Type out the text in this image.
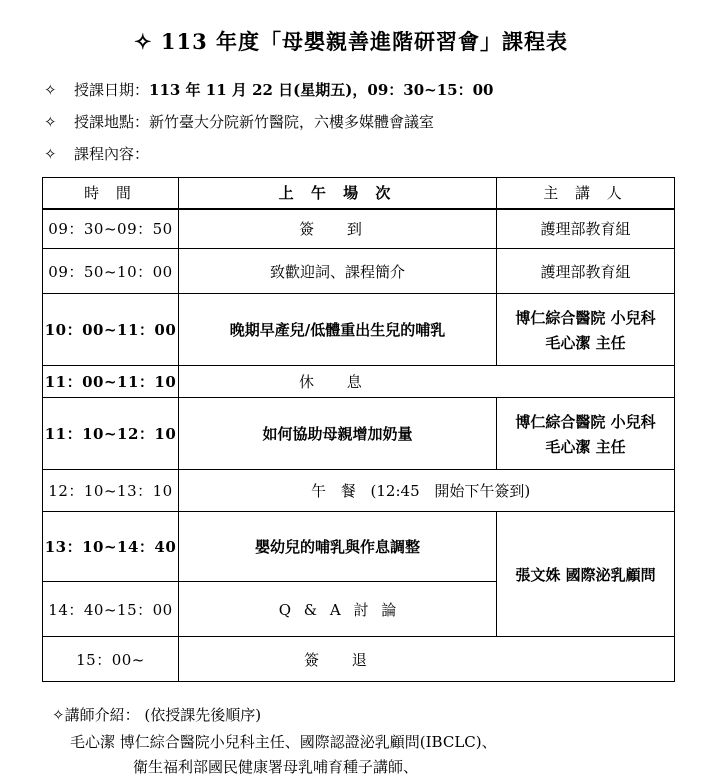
✧ 113 年度「母嬰親善進階研習會」課程表
✧ 授課日期：113 年 11 月 22 日(星期五)，09：30~15：00
✧ 授課地點：新竹臺大分院新竹醫院，六樓多媒體會議室
✧ 課程內容：
時 間	上 午 場 次	主 講 人
09：30~09：50	簽 到	護理部教育組
09：50~10：00	致歡迎詞、課程簡介	護理部教育組
10：00~11：00	晚期早產兒/低體重出生兒的哺乳	博仁綜合醫院 小兒科
毛心潔 主任

11：00~11：10	休 息	
11：10~12：10	如何協助母親增加奶量	博仁綜合醫院 小兒科
毛心潔 主任

12：10~13：10	午 餐 (12:45 開始下午簽到)	
13：10~14：40	嬰幼兒的哺乳與作息調整	張文姝 國際泌乳顧問
14：40~15：00	Q & A 討 論	
15：00~	簽 退	
✧講師介紹： (依授課先後順序)
毛心潔 博仁綜合醫院小兒科主任、國際認證泌乳顧問(IBCLC)、
衛生福利部國民健康署母乳哺育種子講師、
